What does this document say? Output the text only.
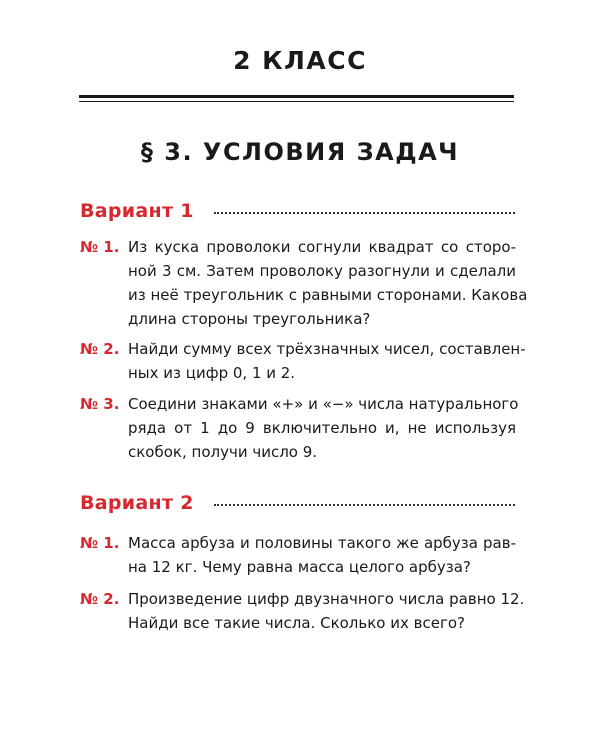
2 КЛАСС
§ 3. УСЛОВИЯ ЗАДАЧ
Вариант 1
№ 1. Из куска проволоки согнули квадрат со сторо-
ной 3 см. Затем проволоку разогнули и сделали
из неё треугольник с равными сторонами. Какова
длина стороны треугольника?
№ 2. Найди сумму всех трёхзначных чисел, составлен-
ных из цифр 0, 1 и 2.
№ 3. Соедини знаками «+» и «−» числа натурального
ряда от 1 до 9 включительно и, не используя
скобок, получи число 9.
Вариант 2
№ 1. Масса арбуза и половины такого же арбуза рав-
на 12 кг. Чему равна масса целого арбуза?
№ 2. Произведение цифр двузначного числа равно 12.
Найди все такие числа. Сколько их всего?
